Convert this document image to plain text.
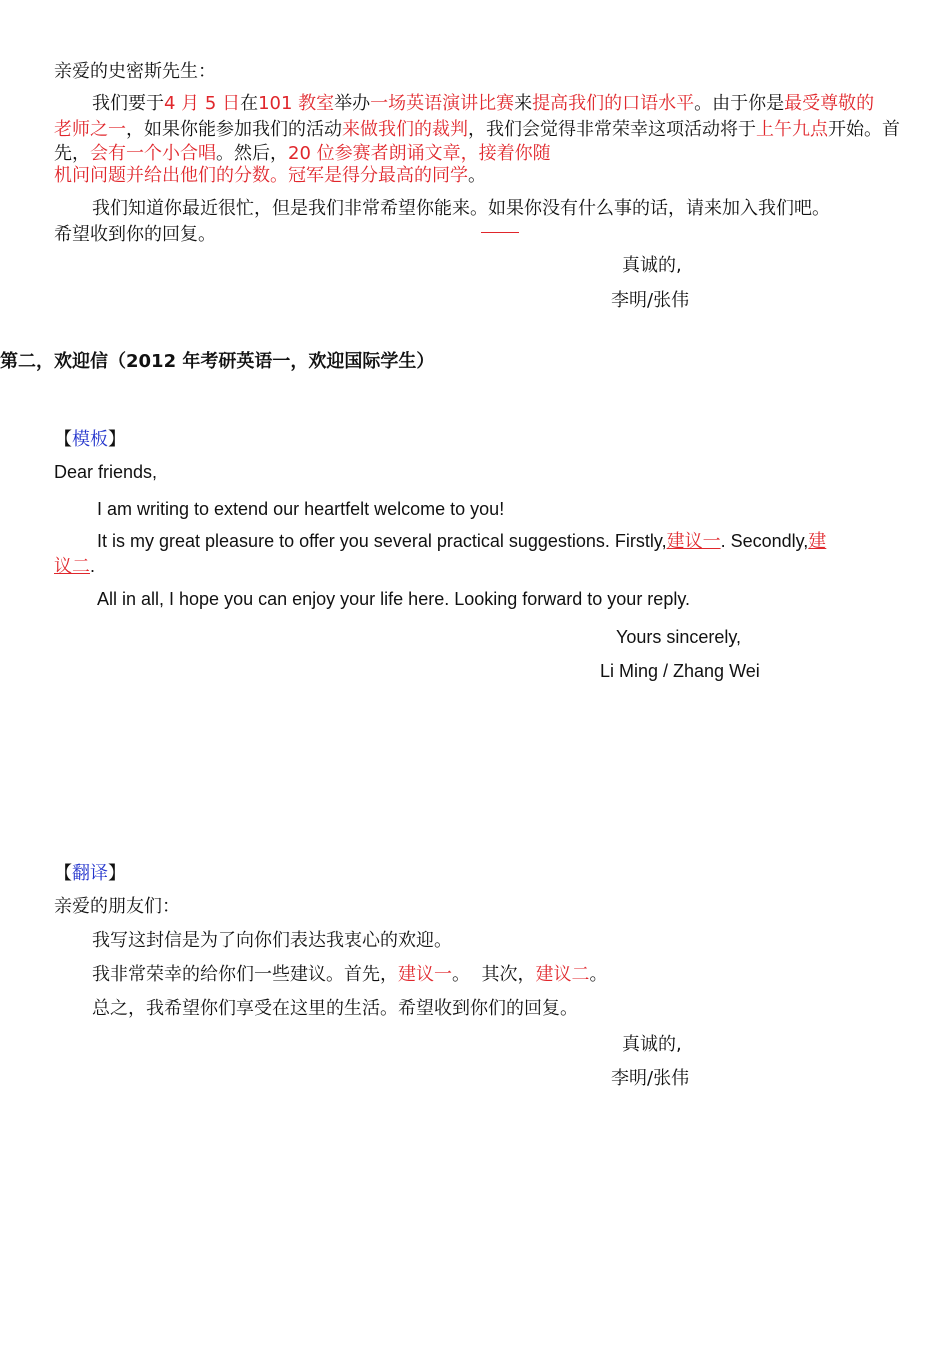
亲爱的史密斯先生：
我们要于4 月 5 日在101 教室举办一场英语演讲比赛来提高我们的口语水平。由于你是最受尊敬的
老师之一，如果你能参加我们的活动来做我们的裁判，我们会觉得非常荣幸这项活动将于上午九点开始。首
先，会有一个小合唱。然后，20 位参赛者朗诵文章，接着你随
机问问题并给出他们的分数。冠军是得分最高的同学。
我们知道你最近很忙，但是我们非常希望你能来。如果你没有什么事的话，请来加入我们吧。
希望收到你的回复。
真诚的,
李明/张伟
第二，欢迎信（2012 年考研英语一，欢迎国际学生）
【模板】
Dear friends,
I am writing to extend our heartfelt welcome to you!
It is my great pleasure to offer you several practical suggestions. Firstly,建议一. Secondly,建
议二.
All in all, I hope you can enjoy your life here. Looking forward to your reply.
Yours sincerely,
Li Ming / Zhang Wei
【翻译】
亲爱的朋友们：
我写这封信是为了向你们表达我衷心的欢迎。
我非常荣幸的给你们一些建议。首先，建议一。  其次，建议二。
总之，我希望你们享受在这里的生活。希望收到你们的回复。
真诚的,
李明/张伟
